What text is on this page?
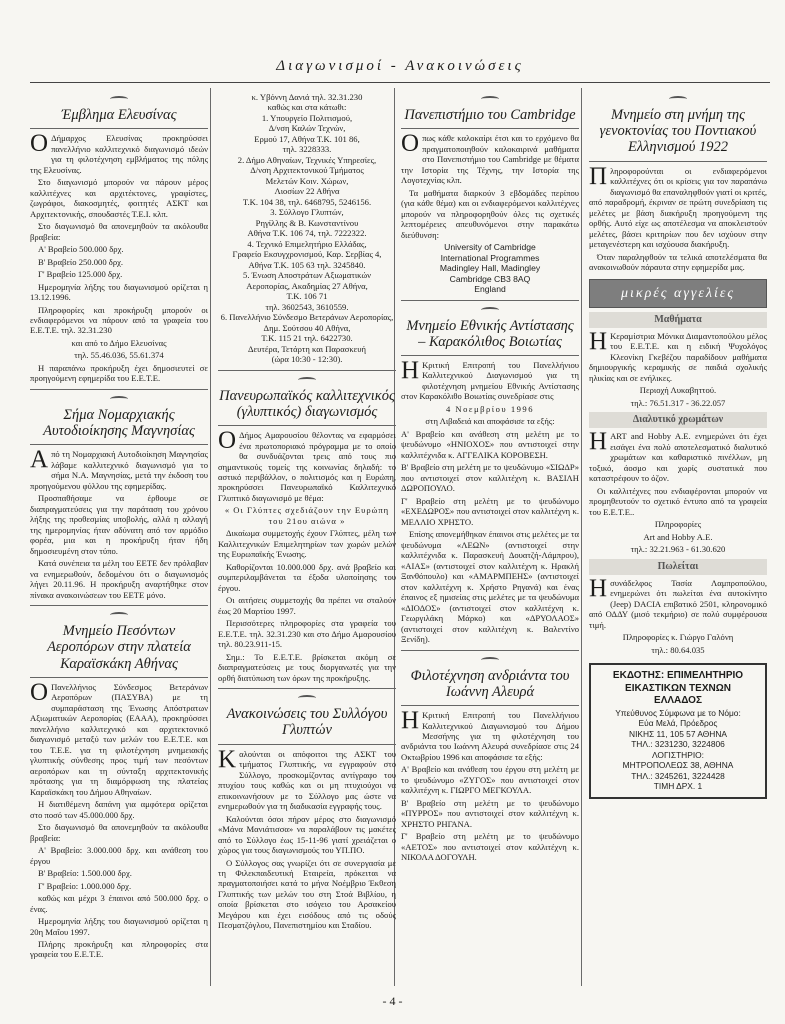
Διαγωνισμοί - Ανακοινώσεις
Έμβλημα Ελευσίνας

Ο Δήμαρχος Ελευσίνας προκηρύσσει πανελλήνιο καλλιτεχνικό διαγωνισμό ιδεών για τη φιλοτέχνηση εμβλήματος της πόλης της Ελευσίνας.

Στο διαγωνισμό μπορούν να πάρουν μέρος καλλιτέχνες και αρχιτέκτονες, γραφίστες, ζωγράφοι, διακοσμητές, φοιτητές ΑΣΚΤ και Αρχιτεκτονικής, σπουδαστές Τ.Ε.Ι. κλπ.

Στο διαγωνισμό θα απονεμηθούν τα ακόλουθα βραβεία:

Α' Βραβείο 500.000 δρχ.

Β' Βραβείο 250.000 δρχ.

Γ' Βραβείο 125.000 δρχ.

Ημερομηνία λήξης του διαγωνισμού ορίζεται η 13.12.1996.

Πληροφορίες και προκήρυξη μπορούν οι ενδιαφερόμενοι να πάρουν από τα γραφεία του Ε.Ε.Τ.Ε. τηλ. 32.31.230

και από το Δήμο Ελευσίνας

τηλ. 55.46.036, 55.61.374

Η παραπάνω προκήρυξη έχει δημοσιευτεί σε προηγούμενη εφημερίδα του Ε.Ε.Τ.Ε.

Σήμα Νομαρχιακής Αυτοδιοίκησης Μαγνησίας

Από τη Νομαρχιακή Αυτοδιοίκηση Μαγνησίας λάβαμε καλλιτεχνικό διαγωνισμό για το σήμα Ν.Α. Μαγνησίας, μετά την έκδοση του προηγούμενου φύλλου της εφημερίδας.

Προσπαθήσαμε να έρθουμε σε διαπραγματεύσεις για την παράταση του χρόνου λήξης της προθεσμίας υποβολής, αλλά η αλλαγή της ημερομηνίας ήταν αδύνατη από τον αρμόδιο φορέα, μια και η προκήρυξη ήταν ήδη δημοσιευμένη στον τύπο.

Κατά συνέπεια τα μέλη του ΕΕΤΕ δεν πρόλαβαν να ενημερωθούν, δεδομένου ότι ο διαγωνισμός λήγει 20.11.96. Η προκήρυξη αναρτήθηκε στον πίνακα ανακοινώσεων του ΕΕΤΕ μόνο.

Μνημείο Πεσόντων Αεροπόρων στην πλατεία Καραϊσκάκη Αθήνας

Ο Πανελλήνιος Σύνδεσμος Βετεράνων Αεροπόρων (ΠΑΣΥΒΑ) με τη συμπαράσταση της Ένωσης Απόστρατων Αξιωματικών Αεροπορίας (ΕΑΑΑ), προκηρύσσει πανελλήνιο καλλιτεχνικό και αρχιτεκτονικό διαγωνισμό μεταξύ των μελών του Ε.Ε.Τ.Ε. και του Τ.Ε.Ε. για τη φιλοτέχνηση μνημειακής γλυπτικής σύνθεσης προς τιμή των πεσόντων αεροπόρων και τη σύνταξη αρχιτεκτονικής πρότασης για τη διαμόρφωση της πλατείας Καραϊσκάκη του Δήμου Αθηναίων.

Η διατιθέμενη δαπάνη για αμφότερα ορίζεται στο ποσό των 45.000.000 δρχ.

Στο διαγωνισμό θα απονεμηθούν τα ακόλουθα βραβεία:

Α' Βραβείο: 3.000.000 δρχ. και ανάθεση του έργου

Β' Βραβείο: 1.500.000 δρχ.

Γ' Βραβείο: 1.000.000 δρχ.

καθώς και μέχρι 3 έπαινοι από 500.000 δρχ. ο ένας.

Ημερομηνία λήξης του διαγωνισμού ορίζεται η 20η Μαΐου 1997.

Πλήρης προκήρυξη και πληροφορίες στα γραφεία του Ε.Ε.Τ.Ε.

κ. Υβόννη Δανιά τηλ. 32.31.230
καθώς και στα κάτωθι:
1. Υπουργείο Πολιτισμού,
Δ/νση Καλών Τεχνών,
Ερμού 17, Αθήνα Τ.Κ. 101 86,
τηλ. 3228333.
2. Δήμο Αθηναίων, Τεχνικές Υπηρεσίες,
Δ/νση Αρχιτεκτονικού Τμήματος
Μελετών Κοιν. Χώρων,
Λιοσίων 22 Αθήνα
Τ.Κ. 104 38, τηλ. 6468795, 5246156.
3. Σύλλογο Γλυπτών,
Ρηγίλλης & Β. Κωνσταντίνου
Αθήνα Τ.Κ. 106 74, τηλ. 7222322.
4. Τεχνικό Επιμελητήριο Ελλάδας,
Γραφείο Εκσυγχρονισμού, Καρ. Σερβίας 4,
Αθήνα Τ.Κ. 105 63 τηλ. 3245840.
5. Ένωση Αποστράτων Αξιωματικών
Αεροπορίας, Ακαδημίας 27 Αθήνα,
Τ.Κ. 106 71
τηλ. 3602543, 3610559.
6. Πανελλήνιο Σύνδεσμο Βετεράνων Αεροπορίας, Δημ. Σούτσου 40 Αθήνα,
Τ.Κ. 115 21 τηλ. 6422730.
Δευτέρα, Τετάρτη και Παρασκευή
(ώρα 10:30 - 12:30).
Πανευρωπαϊκός καλλιτεχνικός (γλυπτικός) διαγωνισμός

Ο Δήμος Αμαρουσίου θέλοντας να εφαρμόσει ένα πρωτοποριακό πρόγραμμα με το οποίο θα συνδυάζονται τρεις από τους πιο σημαντικούς τομείς της κοινωνίας δηλαδή: το αστικό περιβάλλον, ο πολιτισμός και η Ευρώπη, προκηρύσσει Πανευρωπαϊκό Καλλιτεχνικό Γλυπτικό διαγωνισμό με θέμα:

« Οι Γλύπτες σχεδιάζουν την Ευρώπη του 21ου αιώνα »

Δικαίωμα συμμετοχής έχουν Γλύπτες, μέλη των Καλλιτεχνικών Επιμελητηρίων των χωρών μελών της Ευρωπαϊκής Ένωσης.

Καθορίζονται 10.000.000 δρχ. ανά βραβείο και συμπεριλαμβάνεται τα έξοδα υλοποίησης του έργου.

Οι αιτήσεις συμμετοχής θα πρέπει να σταλούν έως 20 Μαρτίου 1997.

Περισσότερες πληροφορίες στα γραφεία του Ε.Ε.Τ.Ε. τηλ. 32.31.230 και στο Δήμο Αμαρουσίου τηλ. 80.23.911-15.

Σημ.: Το Ε.Ε.Τ.Ε. βρίσκεται ακόμη σε διαπραγματεύσεις με τους διοργανωτές για την ορθή διατύπωση των όρων της προκήρυξης.

Ανακοινώσεις του Συλλόγου Γλυπτών

Καλούνται οι απόφοιτοι της ΑΣΚΤ του τμήματος Γλυπτικής, να εγγραφούν στο Σύλλογο, προσκομίζοντας αντίγραφο του πτυχίου τους καθώς και οι μη πτυχιούχοι να επικοινωνήσουν με το Σύλλογο μας ώστε να ενημερωθούν για τη διαδικασία εγγραφής τους.

Καλούνται όσοι πήραν μέρος στο διαγωνισμό «Μάνα Μανιάτισσα» να παραλάβουν τις μακέτες από το Σύλλογο έως 15-11-96 γιατί χρειάζεται ο χώρος για τους διαγωνισμούς του ΥΠ.ΠΟ.

Ο Σύλλογος σας γνωρίζει ότι σε συνεργασία με τη Φιλεκπαιδευτική Εταιρεία, πρόκειται να πραγματοποιήσει κατά το μήνα Νοέμβριο Έκθεση Γλυπτικής των μελών του στη Στοά Βιβλίου, η οποία βρίσκεται στο ισόγειο του Αρσακείου Μεγάρου και έχει εισόδους από τις οδούς Πεσματζόγλου, Πανεπιστημίου και Σταδίου.

Πανεπιστήμιο του Cambridge

Οπως κάθε καλοκαίρι έτσι και το ερχόμενο θα πραγματοποιηθούν καλοκαιρινά μαθήματα στο Πανεπιστήμιο του Cambridge με θέματα την Ιστορία της Τέχνης, την Ιστορία της Λογοτεχνίας κλπ.

Τα μαθήματα διαρκούν 3 εβδομάδες περίπου (για κάθε θέμα) και οι ενδιαφερόμενοι καλλιτέχνες μπορούν να πληροφορηθούν όλες τις σχετικές λεπτομέρειες απευθυνόμενοι στην παρακάτω διεύθυνση:

University of Cambridge
International Programmes
Madingley Hall, Madingley
Cambridge CB3 8AQ
England
Μνημείο Εθνικής Αντίστασης – Καρακόλιθος Βοιωτίας

Η Κριτική Επιτροπή του Πανελλήνιου Καλλιτεχνικού Διαγωνισμού για τη φιλοτέχνηση μνημείου Εθνικής Αντίστασης στον Καρακόλιθο Βοιωτίας συνεδρίασε στις

4 Νοεμβρίου 1996

στη Λιβαδειά και αποφάσισε τα εξής:

Α' Βραβείο και ανάθεση στη μελέτη με το ψευδώνυμο «ΗΝΙΟΧΟΣ» που αντιστοιχεί στην καλλιτέχνιδα κ. ΑΓΓΕΛΙΚΑ ΚΟΡΟΒΕΣΗ.

Β' Βραβείο στη μελέτη με το ψευδώνυμο «ΣΙΩΔΡ» που αντιστοιχεί στον καλλιτέχνη κ. ΒΑΣΙΛΗ ΔΩΡΟΠΟΥΛΟ.

Γ' Βραβείο στη μελέτη με το ψευδώνυμο «ΕΧΕΔΩΡΟΣ» που αντιστοιχεί στον καλλιτέχνη κ. ΜΕΛΛΙΟ ΧΡΗΣΤΟ.

Επίσης απονεμήθηκαν έπαινοι στις μελέτες με τα ψευδώνυμα «ΛΕΩΝ» (αντιστοιχεί στην καλλιτέχνιδα κ. Παρασκευή Δουατζή-Λάμπρου), «ΑΙΑΣ» (αντιστοιχεί στον καλλιτέχνη κ. Ηρακλή Ξανθόπουλο) και «ΑΜΑΡΜΠΕΗΣ» (αντιστοιχεί στον καλλιτέχνη κ. Χρήστο Ρηγανά) και ένας έπαινος εξ ημισείας στις μελέτες με τα ψευδώνυμα «ΔΙΟΔΟΣ» (αντιστοιχεί στον καλλιτέχνη κ. Γεωργιλάκη Μάρκο) και «ΔΡΥΟΛΑΟΣ» (αντιστοιχεί στον καλλιτέχνη κ. Βαλεντίνο Ξενίδη).

Φιλοτέχνηση ανδριάντα του Ιωάννη Αλευρά

Η Κριτική Επιτροπή του Πανελλήνιου Καλλιτεχνικού Διαγωνισμού του Δήμου Μεσσήνης για τη φιλοτέχνηση του ανδριάντα του Ιωάννη Αλευρά συνεδρίασε στις 24 Οκτωβρίου 1996 και αποφάσισε τα εξής:

Α' Βραβείο και ανάθεση του έργου στη μελέτη με το ψευδώνυμο «ΖΥΓΟΣ» που αντιστοιχεί στον καλλιτέχνη κ. ΓΙΩΡΓΟ ΜΕΓΚΟΥΛΑ.

Β' Βραβείο στη μελέτη με το ψευδώνυμο «ΠΥΡΡΟΣ» που αντιστοιχεί στον καλλιτέχνη κ. ΧΡΗΣΤΟ ΡΗΓΑΝΑ.

Γ' Βραβείο στη μελέτη με το ψευδώνυμο «ΑΕΤΟΣ» που αντιστοιχεί στον καλλιτέχνη κ. ΝΙΚΟΛΑ ΔΟΓΟΥΛΗ.

Μνημείο στη μνήμη της γενοκτονίας του Ποντιακού Ελληνισμού 1922

Πληροφορούνται οι ενδιαφερόμενοι καλλιτέχνες ότι οι κρίσεις για τον παραπάνω διαγωνισμό θα επαναληφθούν γιατί οι κριτές, από παραδρομή, έκριναν σε πρώτη συνεδρίαση τις μελέτες με βάση διακήρυξη προηγούμενη της ορθής. Αυτό είχε ως αποτέλεσμα να αποκλειστούν μελέτες, βάσει κριτηρίων που δεν ισχύουν στην μεταγενέστερη και ισχύουσα διακήρυξη.

Όταν παραληφθούν τα τελικά αποτελέσματα θα ανακοινωθούν πάραυτα στην εφημερίδα μας.

μικρές αγγελίες
Μαθήματα

Η Κεραμίστρια Μόνικα Διαμαντοπούλου μέλος του Ε.Ε.Τ.Ε. και η ειδική Ψυχολόγος Κλεονίκη Γκεβέζου παραδίδουν μαθήματα δημιουργικής κεραμικής σε παιδιά σχολικής ηλικίας και σε ενήλικες.

Περιοχή Λυκαβηττού.

τηλ.: 76.51.317 - 36.22.057

Διαλυτικό χρωμάτων

ΗART and Hobby A.E. ενημερώνει ότι έχει εισάγει ένα πολύ αποτελεσματικό διαλυτικό χρωμάτων και καθαριστικό πινέλλων, μη τοξικό, άοσμο και χωρίς συστατικά που καταστρέφουν το όζον.

Οι καλλιτέχνες που ενδιαφέρονται μπορούν να προμηθευτούν το σχετικό έντυπο από τα γραφεία του Ε.Ε.Τ.Ε..

Πληροφορίες

Art and Hobby A.E.

τηλ.: 32.21.963 - 61.30.620

Πωλείται

Ησυνάδελφος Τασία Λαμπροπούλου, ενημερώνει ότι πωλείται ένα αυτοκίνητο (Jeep) DACIA επιβατικό 2501, κληρονομικό από ΟΔΔΥ (μισό τεκμήριο) σε πολύ συμφέρουσα τιμή.

Πληροφορίες κ. Γιώργο Γαλόνη

τηλ.: 80.64.035

ΕΚΔΟΤΗΣ: ΕΠΙΜΕΛΗΤΗΡΙΟ
ΕΙΚΑΣΤΙΚΩΝ ΤΕΧΝΩΝ
ΕΛΛΑΔΟΣ
Υπεύθυνος Σύμφωνα με το Νόμο:
Εύα Μελά, Πρόεδρος
ΝΙΚΗΣ 11, 105 57 ΑΘΗΝΑ
ΤΗΛ.: 3231230, 3224806
ΛΟΓΙΣΤΗΡΙΟ:
ΜΗΤΡΟΠΟΛΕΩΣ 38, ΑΘΗΝΑ
ΤΗΛ.: 3245261, 3224428
ΤΙΜΗ ΔΡΧ. 1
- 4 -
